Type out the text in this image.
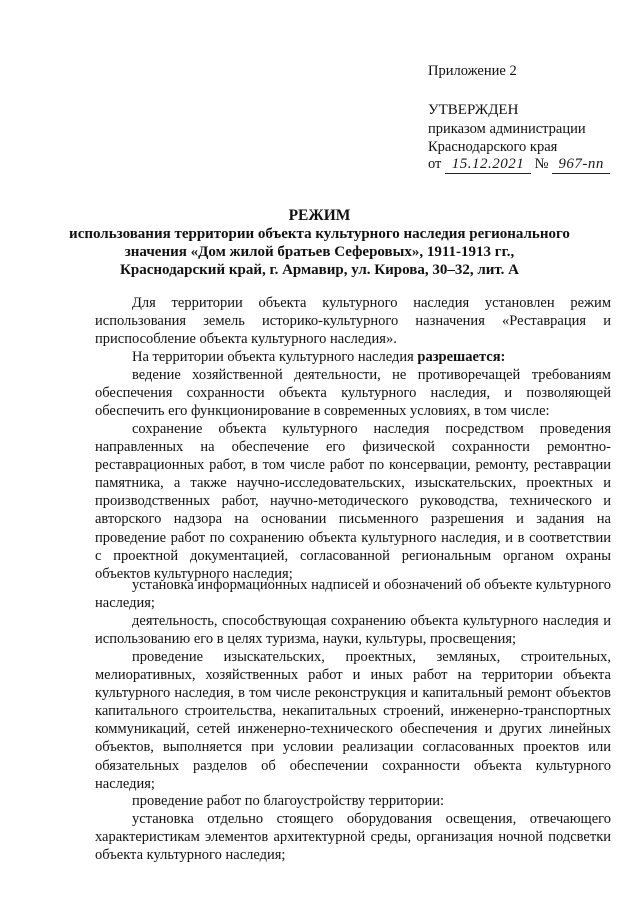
Приложение 2
УТВЕРЖДЕН
приказом администрации
Краснодарского края
от 15.12.2021 № 967-пп
РЕЖИМ
использования территории объекта культурного наследия регионального
значения «Дом жилой братьев Сеферовых», 1911-1913 гг.,
Краснодарский край, г. Армавир, ул. Кирова, 30–32, лит. А
Для территории объекта культурного наследия установлен режим использования земель историко-культурного назначения «Реставрация и приспособление объекта культурного наследия».
На территории объекта культурного наследия разрешается:
ведение хозяйственной деятельности, не противоречащей требованиям обеспечения сохранности объекта культурного наследия, и позволяющей обеспечить его функционирование в современных условиях, в том числе:
сохранение объекта культурного наследия посредством проведения направленных на обеспечение его физической сохранности ремонтно-реставрационных работ, в том числе работ по консервации, ремонту, реставрации памятника, а также научно-исследовательских, изыскательских, проектных и производственных работ, научно-методического руководства, технического и авторского надзора на основании письменного разрешения и задания на проведение работ по сохранению объекта культурного наследия, и в соответствии с проектной документацией, согласованной региональным органом охраны объектов культурного наследия;
установка информационных надписей и обозначений об объекте культурного наследия;
деятельность, способствующая сохранению объекта культурного наследия и использованию его в целях туризма, науки, культуры, просвещения;
проведение изыскательских, проектных, земляных, строительных, мелиоративных, хозяйственных работ и иных работ на территории объекта культурного наследия, в том числе реконструкция и капитальный ремонт объектов капитального строительства, некапитальных строений, инженерно-транспортных коммуникаций, сетей инженерно-технического обеспечения и других линейных объектов, выполняется при условии реализации согласованных проектов или обязательных разделов об обеспечении сохранности объекта культурного наследия;
проведение работ по благоустройству территории:
установка отдельно стоящего оборудования освещения, отвечающего характеристикам элементов архитектурной среды, организация ночной подсветки объекта культурного наследия;
